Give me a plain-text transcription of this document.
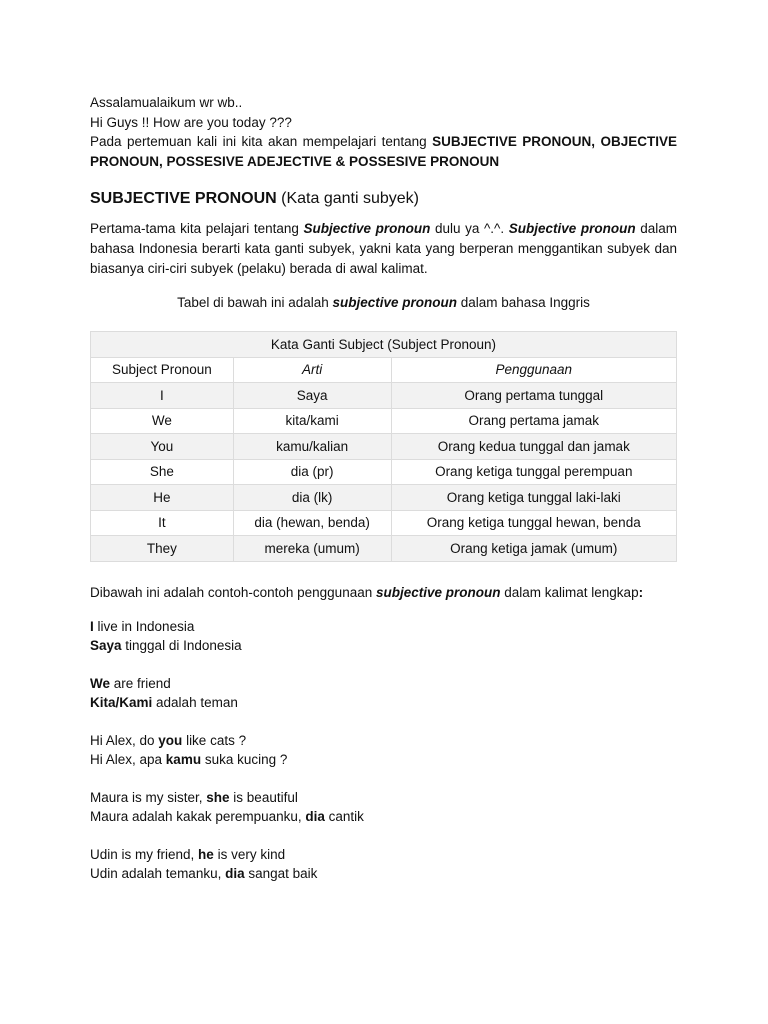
Assalamualaikum wr wb..

Hi Guys !! How are you today ???

Pada pertemuan kali ini kita akan mempelajari tentang SUBJECTIVE PRONOUN, OBJECTIVE PRONOUN, POSSESIVE ADEJECTIVE & POSSESIVE PRONOUN

SUBJECTIVE PRONOUN (Kata ganti subyek)

Pertama-tama kita pelajari tentang Subjective pronoun dulu ya ^.^. Subjective pronoun dalam bahasa Indonesia berarti kata ganti subyek, yakni kata yang berperan menggantikan subyek dan biasanya ciri-ciri subyek (pelaku) berada di awal kalimat.

Tabel di bawah ini adalah subjective pronoun dalam bahasa Inggris

Kata Ganti Subject (Subject Pronoun)		
Subject Pronoun	Arti	Penggunaan
I	Saya	Orang pertama tunggal
We	kita/kami	Orang pertama jamak
You	kamu/kalian	Orang kedua tunggal dan jamak
She	dia (pr)	Orang ketiga tunggal perempuan
He	dia (lk)	Orang ketiga tunggal laki-laki
It	dia (hewan, benda)	Orang ketiga tunggal hewan, benda
They	mereka (umum)	Orang ketiga jamak (umum)

Dibawah ini adalah contoh-contoh penggunaan subjective pronoun dalam kalimat lengkap:

I live in Indonesia

Saya tinggal di Indonesia

We are friend

Kita/Kami adalah teman

Hi Alex, do you like cats ?

Hi Alex, apa kamu suka kucing ?

Maura is my sister, she is beautiful

Maura adalah kakak perempuanku, dia cantik

Udin is my friend, he is very kind

Udin adalah temanku, dia sangat baik
